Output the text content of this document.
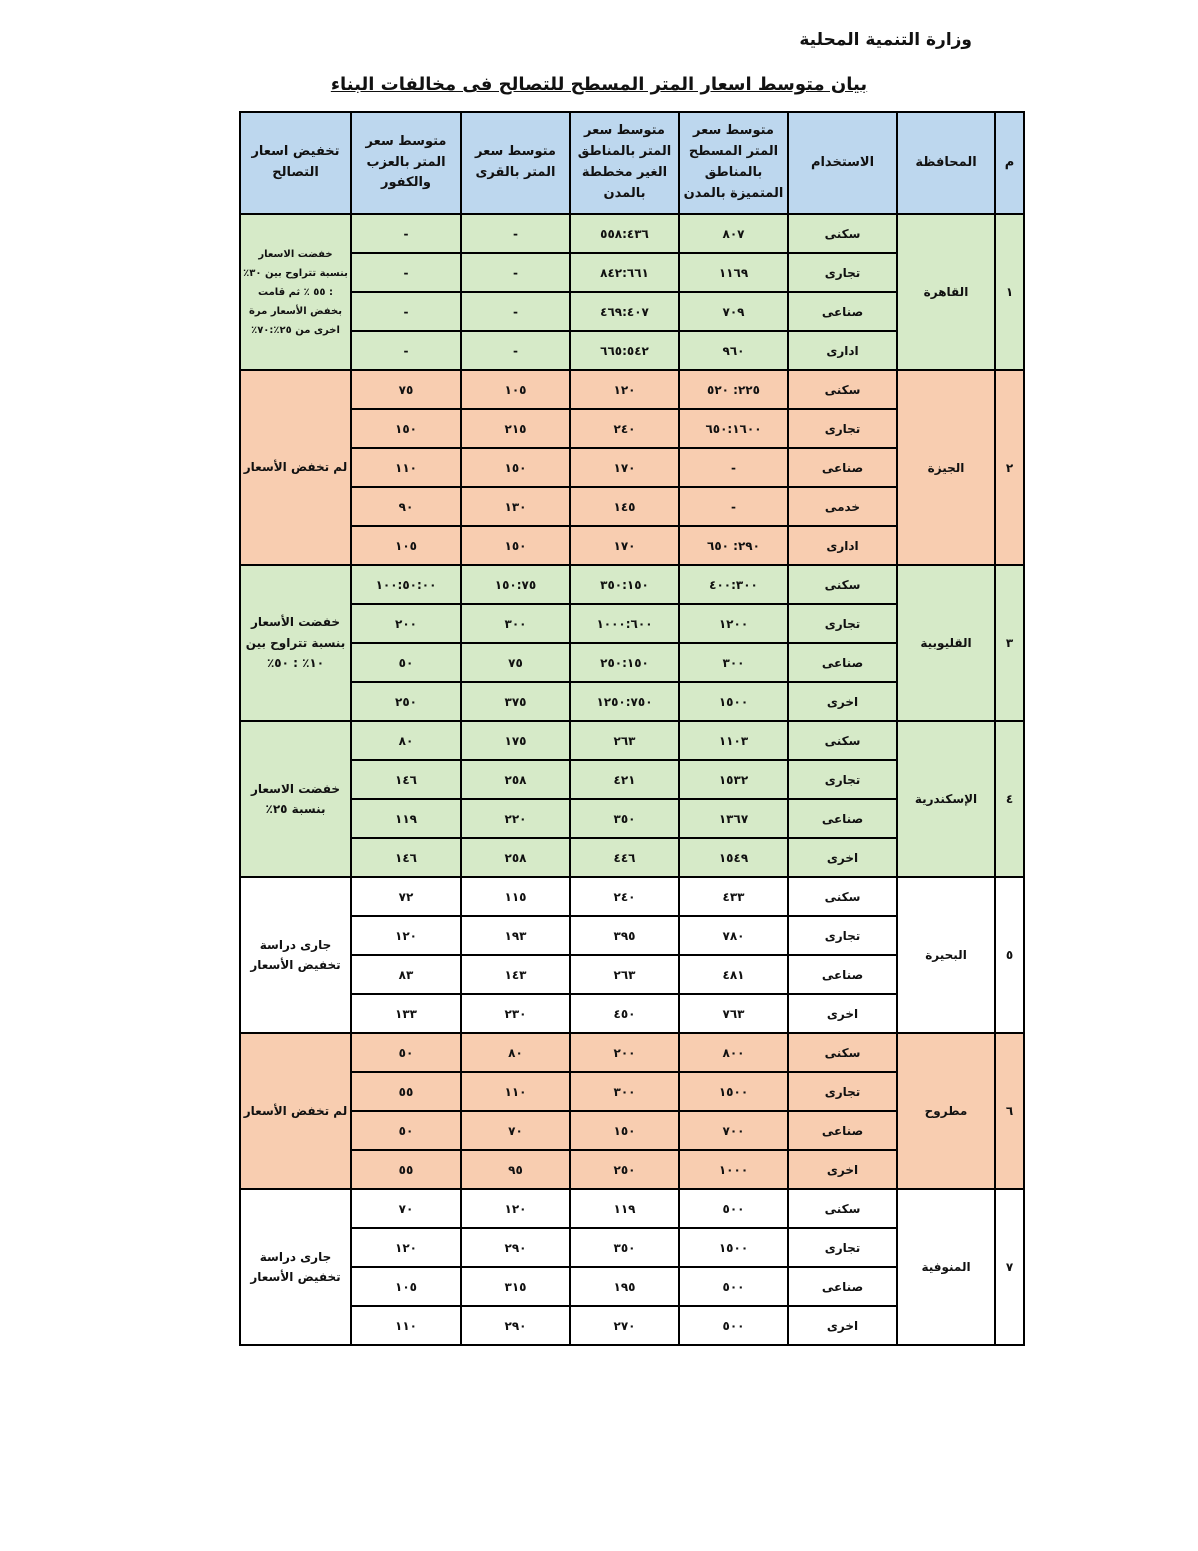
وزارة التنمية المحلية
بيان متوسط اسعار المتر المسطح للتصالح فى مخالفات البناء
م	المحافظة	الاستخدام	متوسط سعر المتر المسطح بالمناطق المتميزة بالمدن	متوسط سعر المتر بالمناطق الغير مخططة بالمدن	متوسط سعر المتر بالقرى	متوسط سعر المتر بالعزب والكفور	تخفيض اسعار التصالح
١	القاهرة	سكنى	٨٠٧	٥٥٨:٤٣٦	-	-	خفضت الاسعار بنسبة تتراوح بين ٣٠٪ : ٥٥ ٪ ثم قامت بخفض الأسعار مرة اخرى من ٢٥٪:٧٠٪
		تجارى	١١٦٩	٨٤٢:٦٦١	-	-	
		صناعى	٧٠٩	٤٦٩:٤٠٧	-	-	
		ادارى	٩٦٠	٦٦٥:٥٤٢	-	-	
٢	الجيزة	سكنى	٢٢٥: ٥٢٠	١٢٠	١٠٥	٧٥	لم تخفض الأسعار
		تجارى	٦٥٠:١٦٠٠	٢٤٠	٢١٥	١٥٠	
		صناعى	-	١٧٠	١٥٠	١١٠	
		خدمى	-	١٤٥	١٣٠	٩٠	
		ادارى	٢٩٠: ٦٥٠	١٧٠	١٥٠	١٠٥	
٣	القليوبية	سكنى	٤٠٠:٣٠٠	٣٥٠:١٥٠	١٥٠:٧٥	١٠٠:٥٠:٠٠	خفضت الأسعار بنسبة تتراوح بين ١٠٪ : ٥٠٪
		تجارى	١٢٠٠	١٠٠٠:٦٠٠	٣٠٠	٢٠٠	
		صناعى	٣٠٠	٢٥٠:١٥٠	٧٥	٥٠	
		اخرى	١٥٠٠	١٢٥٠:٧٥٠	٣٧٥	٢٥٠	
٤	الإسكندرية	سكنى	١١٠٣	٢٦٣	١٧٥	٨٠	خفضت الاسعار بنسبة ٢٥٪
		تجارى	١٥٣٢	٤٢١	٢٥٨	١٤٦	
		صناعى	١٣٦٧	٣٥٠	٢٢٠	١١٩	
		اخرى	١٥٤٩	٤٤٦	٢٥٨	١٤٦	
٥	البحيرة	سكنى	٤٣٣	٢٤٠	١١٥	٧٢	جارى دراسة تخفيض الأسعار
		تجارى	٧٨٠	٣٩٥	١٩٣	١٢٠	
		صناعى	٤٨١	٢٦٣	١٤٣	٨٣	
		اخرى	٧٦٣	٤٥٠	٢٣٠	١٣٣	
٦	مطروح	سكنى	٨٠٠	٢٠٠	٨٠	٥٠	لم تخفض الأسعار
		تجارى	١٥٠٠	٣٠٠	١١٠	٥٥	
		صناعى	٧٠٠	١٥٠	٧٠	٥٠	
		اخرى	١٠٠٠	٢٥٠	٩٥	٥٥	
٧	المنوفية	سكنى	٥٠٠	١١٩	١٢٠	٧٠	جارى دراسة تخفيض الأسعار
		تجارى	١٥٠٠	٣٥٠	٢٩٠	١٢٠	
		صناعى	٥٠٠	١٩٥	٣١٥	١٠٥	
		اخرى	٥٠٠	٢٧٠	٢٩٠	١١٠	
